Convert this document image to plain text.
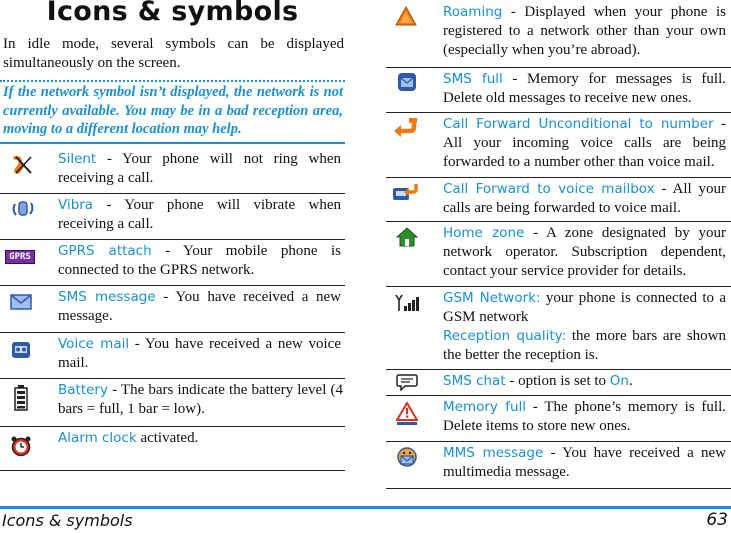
Icons & symbols
In idle mode, several symbols can be displayed simultaneously on the screen.
If the network symbol isn’t displayed, the network is not currently available. You may be in a bad reception area, moving to a different location may help.
Silent - Your phone will not ring when receiving a call.
Vibra - Your phone will vibrate when receiving a call.
GPRS GPRS attach - Your mobile phone is connected to the GPRS network.
SMS message - You have received a new message.
Voice mail - You have received a new voice mail.
Battery - The bars indicate the battery level (4 bars = full, 1 bar = low).
Alarm clock activated.
Roaming - Displayed when your phone is registered to a network other than your own (especially when you’re abroad).
SMS full - Memory for messages is full. Delete old messages to receive new ones.
Call Forward Unconditional to number - All your incoming voice calls are being forwarded to a number other than voice mail.
Call Forward to voice mailbox - All your calls are being forwarded to voice mail.
Home zone - A zone designated by your network operator. Subscription dependent, contact your service provider for details.
GSM Network: your phone is connected to a GSM network
Reception quality: the more bars are shown the better the reception is.
SMS chat - option is set to On.
Memory full - The phone’s memory is full. Delete items to store new ones.
MMS message - You have received a new multimedia message.
Icons & symbols	63
